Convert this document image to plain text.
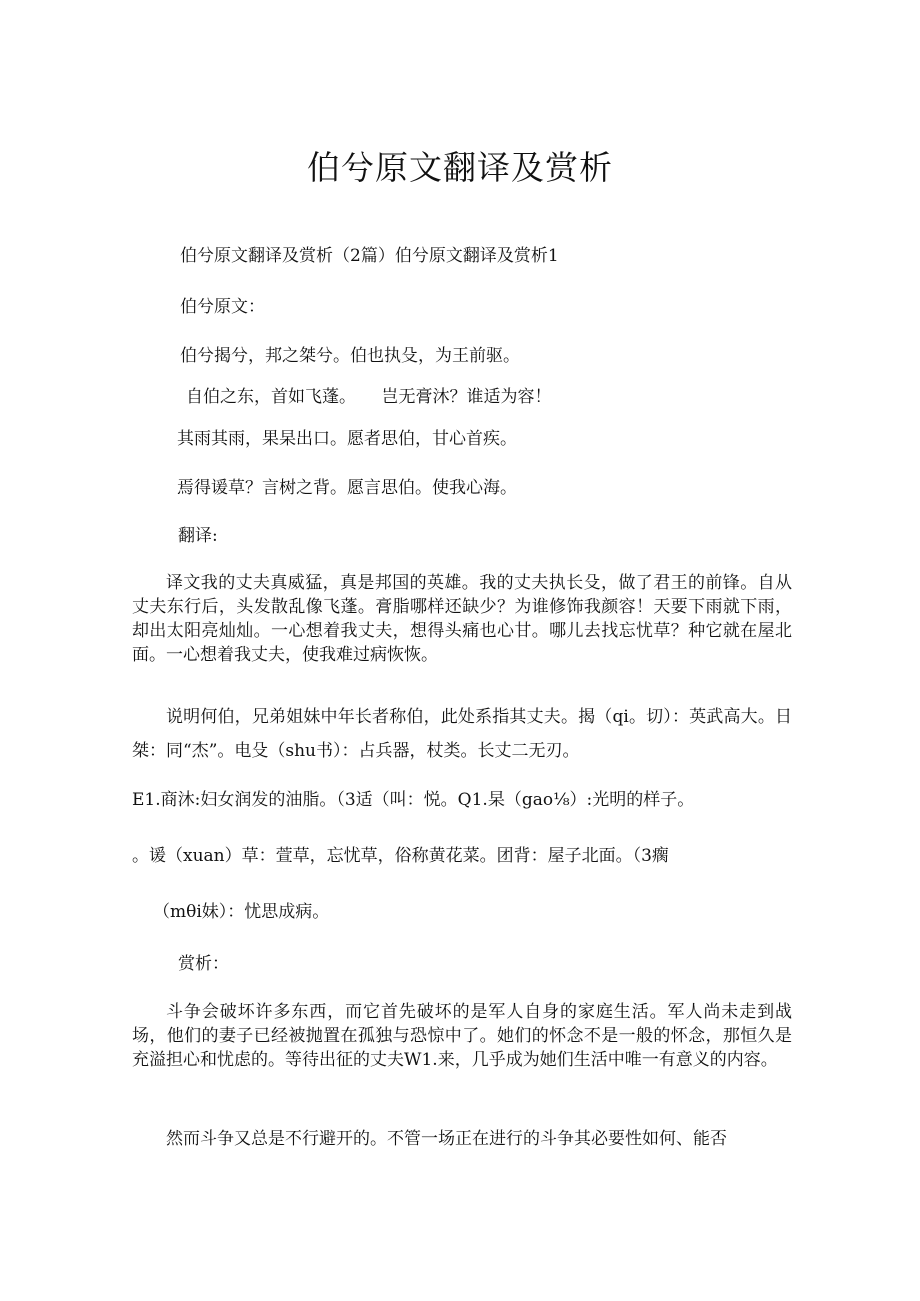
伯兮原文翻译及赏析

伯兮原文翻译及赏析（2篇）伯兮原文翻译及赏析1

伯兮原文：

伯兮揭兮，邦之桀兮。伯也执殳，为王前驱。

自伯之东，首如飞蓬。　　岂无膏沐？谁适为容！

其雨其雨，果杲出口。愿者思伯，甘心首疾。

焉得谖草？言树之背。愿言思伯。使我心海。

翻译:

译文我的丈夫真威猛，真是邦国的英雄。我的丈夫执长殳，做了君王的前锋。自从丈夫东行后，头发散乱像飞蓬。膏脂哪样还缺少？为谁修饰我颜容！天要下雨就下雨，却出太阳亮灿灿。一心想着我丈夫，想得头痛也心甘。哪儿去找忘忧草？种它就在屋北面。一心想着我丈夫，使我难过病恢恢。

说明何伯，兄弟姐妹中年长者称伯，此处系指其丈夫。揭（qi。切）：英武高大。日桀：同“杰”。电殳（shu书）：占兵器，杖类。长丈二无刃。

E1.商沐:妇女润发的油脂。（3适（叫：悦。Q1.杲（gao⅛）:光明的样子。

。谖（xuan）草：萱草，忘忧草，俗称黄花菜。团背：屋子北面。（3瘸

（mθi妹）：忧思成病。

赏析：

斗争会破坏许多东西，而它首先破坏的是军人自身的家庭生活。军人尚未走到战场，他们的妻子已经被抛置在孤独与恐惊中了。她们的怀念不是一般的怀念，那恒久是充溢担心和忧虑的。等待出征的丈夫W1.来，几乎成为她们生活中唯一有意义的内容。

然而斗争又总是不行避开的。不管一场正在进行的斗争其必要性如何、能否
